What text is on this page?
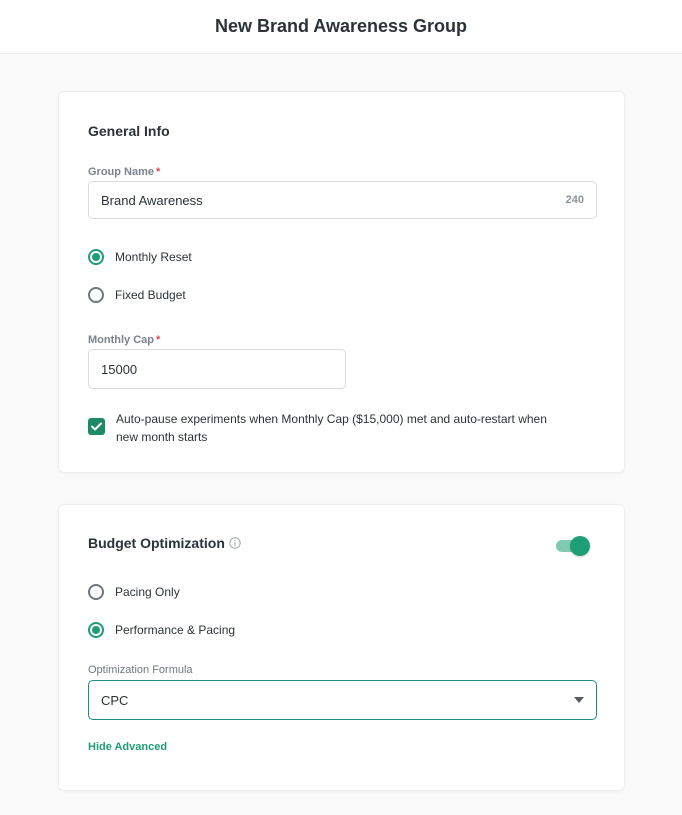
New Brand Awareness Group
General Info
Group Name *
Brand Awareness	240
Monthly Reset
Fixed Budget
Monthly Cap *
15000
Auto-pause experiments when Monthly Cap ($15,000) met and auto-restart when new month starts
Budget Optimization
Pacing Only
Performance & Pacing
Optimization Formula
CPC
Hide Advanced
